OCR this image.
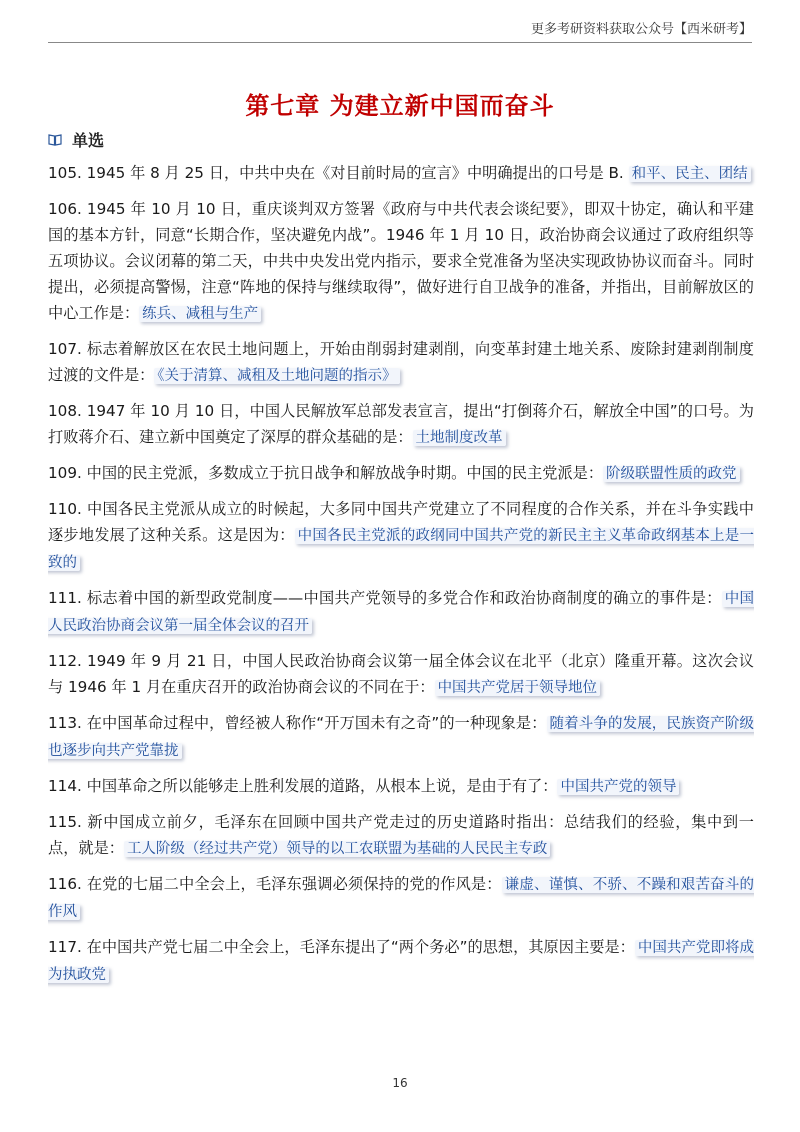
更多考研资料获取公众号【西米研考】
第七章 为建立新中国而奋斗
单选

105. 1945 年 8 月 25 日，中共中央在《对目前时局的宣言》中明确提出的口号是 B. 和平、民主、团结

106. 1945 年 10 月 10 日，重庆谈判双方签署《政府与中共代表会谈纪要》，即双十协定，确认和平建国的基本方针，同意“长期合作，坚决避免内战”。1946 年 1 月 10 日，政治协商会议通过了政府组织等五项协议。会议闭幕的第二天，中共中央发出党内指示，要求全党准备为坚决实现政协协议而奋斗。同时提出，必须提高警惕，注意“阵地的保持与继续取得”，做好进行自卫战争的准备，并指出，目前解放区的中心工作是： 练兵、减租与生产

107. 标志着解放区在农民土地问题上，开始由削弱封建剥削，向变革封建土地关系、废除封建剥削制度过渡的文件是： 《关于清算、减租及土地问题的指示》

108. 1947 年 10 月 10 日，中国人民解放军总部发表宣言，提出“打倒蒋介石，解放全中国”的口号。为打败蒋介石、建立新中国奠定了深厚的群众基础的是： 土地制度改革

109. 中国的民主党派，多数成立于抗日战争和解放战争时期。中国的民主党派是： 阶级联盟性质的政党

110. 中国各民主党派从成立的时候起，大多同中国共产党建立了不同程度的合作关系，并在斗争实践中逐步地发展了这种关系。这是因为： 中国各民主党派的政纲同中国共产党的新民主主义革命政纲基本上是一致的

111. 标志着中国的新型政党制度——中国共产党领导的多党合作和政治协商制度的确立的事件是： 中国人民政治协商会议第一届全体会议的召开

112. 1949 年 9 月 21 日，中国人民政治协商会议第一届全体会议在北平（北京）隆重开幕。这次会议与 1946 年 1 月在重庆召开的政治协商会议的不同在于： 中国共产党居于领导地位

113. 在中国革命过程中，曾经被人称作“开万国未有之奇”的一种现象是： 随着斗争的发展，民族资产阶级也逐步向共产党靠拢

114. 中国革命之所以能够走上胜利发展的道路，从根本上说，是由于有了： 中国共产党的领导

115. 新中国成立前夕，毛泽东在回顾中国共产党走过的历史道路时指出：总结我们的经验，集中到一点，就是： 工人阶级（经过共产党）领导的以工农联盟为基础的人民民主专政

116. 在党的七届二中全会上，毛泽东强调必须保持的党的作风是： 谦虚、谨慎、不骄、不躁和艰苦奋斗的作风

117. 在中国共产党七届二中全会上，毛泽东提出了“两个务必”的思想，其原因主要是： 中国共产党即将成为执政党

16
